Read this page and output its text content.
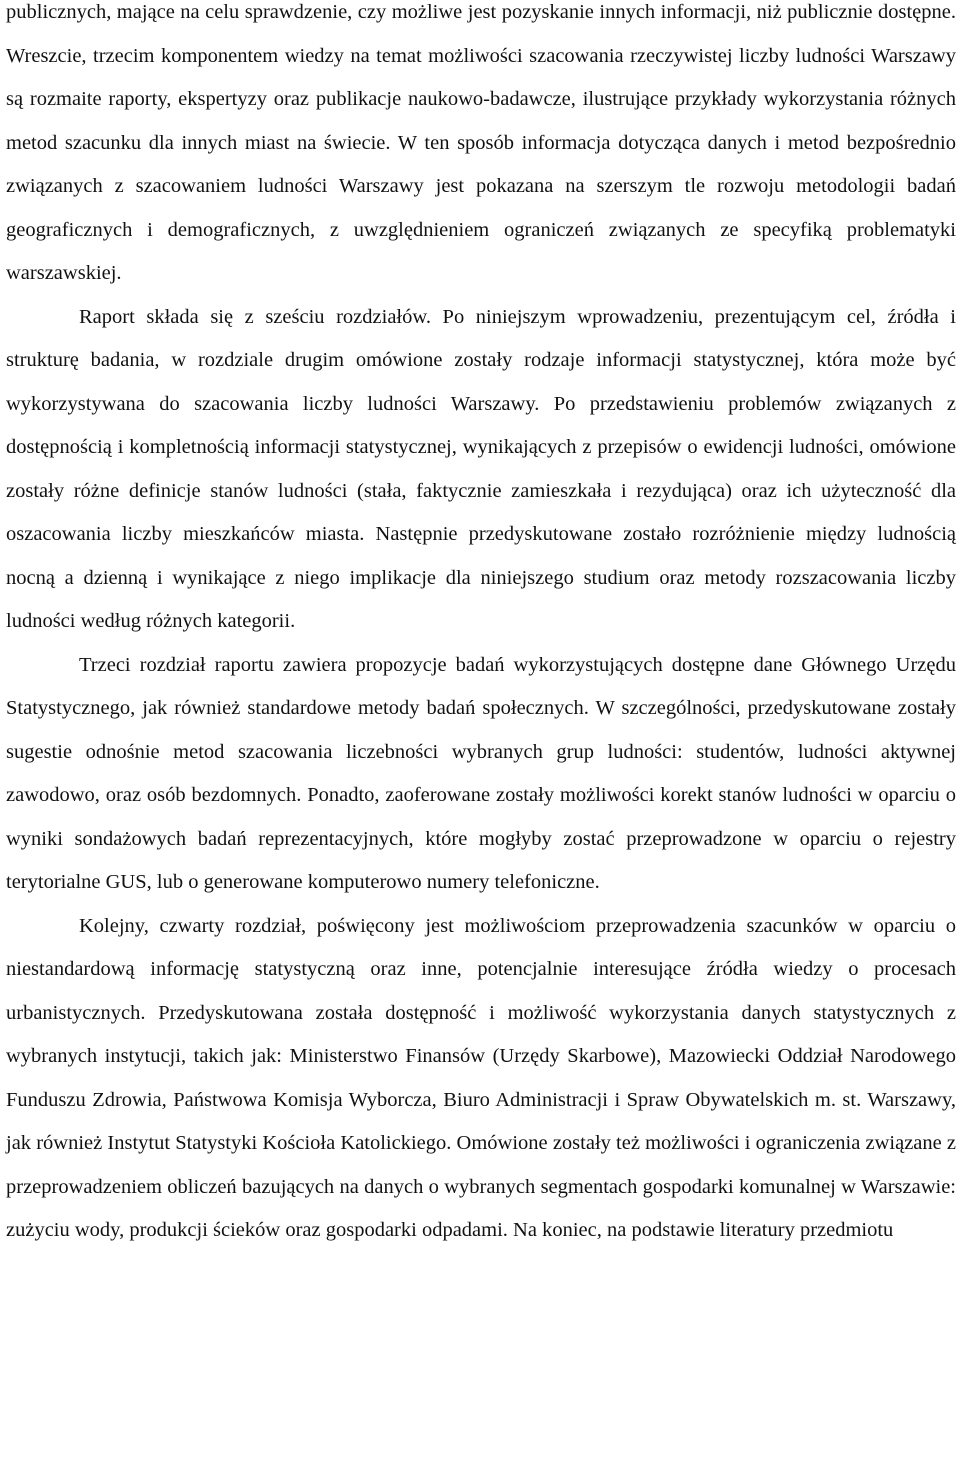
publicznych, mające na celu sprawdzenie, czy możliwe jest pozyskanie innych informacji, niż publicznie dostępne. Wreszcie, trzecim komponentem wiedzy na temat możliwości szacowania rzeczywistej liczby ludności Warszawy są rozmaite raporty, ekspertyzy oraz publikacje naukowo-badawcze, ilustrujące przykłady wykorzystania różnych metod szacunku dla innych miast na świecie. W ten sposób informacja dotycząca danych i metod bezpośrednio związanych z szacowaniem ludności Warszawy jest pokazana na szerszym tle rozwoju metodologii badań geograficznych i demograficznych, z uwzględnieniem ograniczeń związanych ze specyfiką problematyki warszawskiej.

Raport składa się z sześciu rozdziałów. Po niniejszym wprowadzeniu, prezentującym cel, źródła i strukturę badania, w rozdziale drugim omówione zostały rodzaje informacji statystycznej, która może być wykorzystywana do szacowania liczby ludności Warszawy. Po przedstawieniu problemów związanych z dostępnością i kompletnością informacji statystycznej, wynikających z przepisów o ewidencji ludności, omówione zostały różne definicje stanów ludności (stała, faktycznie zamieszkała i rezydująca) oraz ich użyteczność dla oszacowania liczby mieszkańców miasta. Następnie przedyskutowane zostało rozróżnienie między ludnością nocną a dzienną i wynikające z niego implikacje dla niniejszego studium oraz metody rozszacowania liczby ludności według różnych kategorii.

Trzeci rozdział raportu zawiera propozycje badań wykorzystujących dostępne dane Głównego Urzędu Statystycznego, jak również standardowe metody badań społecznych. W szczególności, przedyskutowane zostały sugestie odnośnie metod szacowania liczebności wybranych grup ludności: studentów, ludności aktywnej zawodowo, oraz osób bezdomnych. Ponadto, zaoferowane zostały możliwości korekt stanów ludności w oparciu o wyniki sondażowych badań reprezentacyjnych, które mogłyby zostać przeprowadzone w oparciu o rejestry terytorialne GUS, lub o generowane komputerowo numery telefoniczne.

Kolejny, czwarty rozdział, poświęcony jest możliwościom przeprowadzenia szacunków w oparciu o niestandardową informację statystyczną oraz inne, potencjalnie interesujące źródła wiedzy o procesach urbanistycznych. Przedyskutowana została dostępność i możliwość wykorzystania danych statystycznych z wybranych instytucji, takich jak: Ministerstwo Finansów (Urzędy Skarbowe), Mazowiecki Oddział Narodowego Funduszu Zdrowia, Państwowa Komisja Wyborcza, Biuro Administracji i Spraw Obywatelskich m. st. Warszawy, jak również Instytut Statystyki Kościoła Katolickiego. Omówione zostały też możliwości i ograniczenia związane z przeprowadzeniem obliczeń bazujących na danych o wybranych segmentach gospodarki komunalnej w Warszawie: zużyciu wody, produkcji ścieków oraz gospodarki odpadami. Na koniec, na podstawie literatury przedmiotu
